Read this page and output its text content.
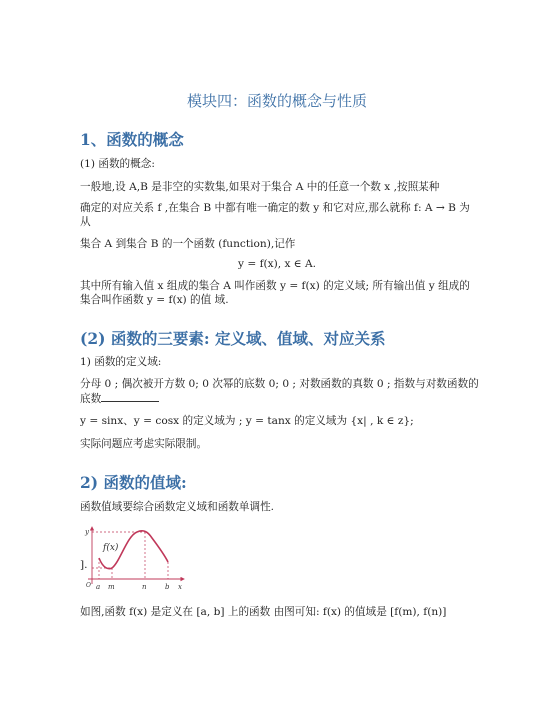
模块四：函数的概念与性质
1、函数的概念
(1) 函数的概念:
一般地,设 A,B 是非空的实数集,如果对于集合 A 中的任意一个数 x ,按照某种
确定的对应关系 f ,在集合 B 中都有唯一确定的数 y 和它对应,那么就称 f: A → B 为
从
集合 A 到集合 B 的一个函数 (function),记作
y = f(x), x ∈ A.
其中所有输入值 x 组成的集合 A 叫作函数 y = f(x) 的定义域; 所有输出值 y 组成的
集合叫作函数 y = f(x) 的值 域.
(2) 函数的三要素: 定义域、值域、对应关系
1) 函数的定义域:
分母 0 ; 偶次被开方数 0; 0 次幂的底数 0; 0 ; 对数函数的真数 0 ; 指数与对数函数的
底数
y = sinx、y = cosx 的定义域为 ; y = tanx 的定义域为 {x| , k ∈ z};
实际问题应考虑实际限制。
2) 函数的值域:
函数值域要综合函数定义域和函数单调性.
y
f(x)
O a m	n	b x
].
如图,函数 f(x) 是定义在 [a, b] 上的函数 由图可知: f(x) 的值域是 [f(m), f(n)]
